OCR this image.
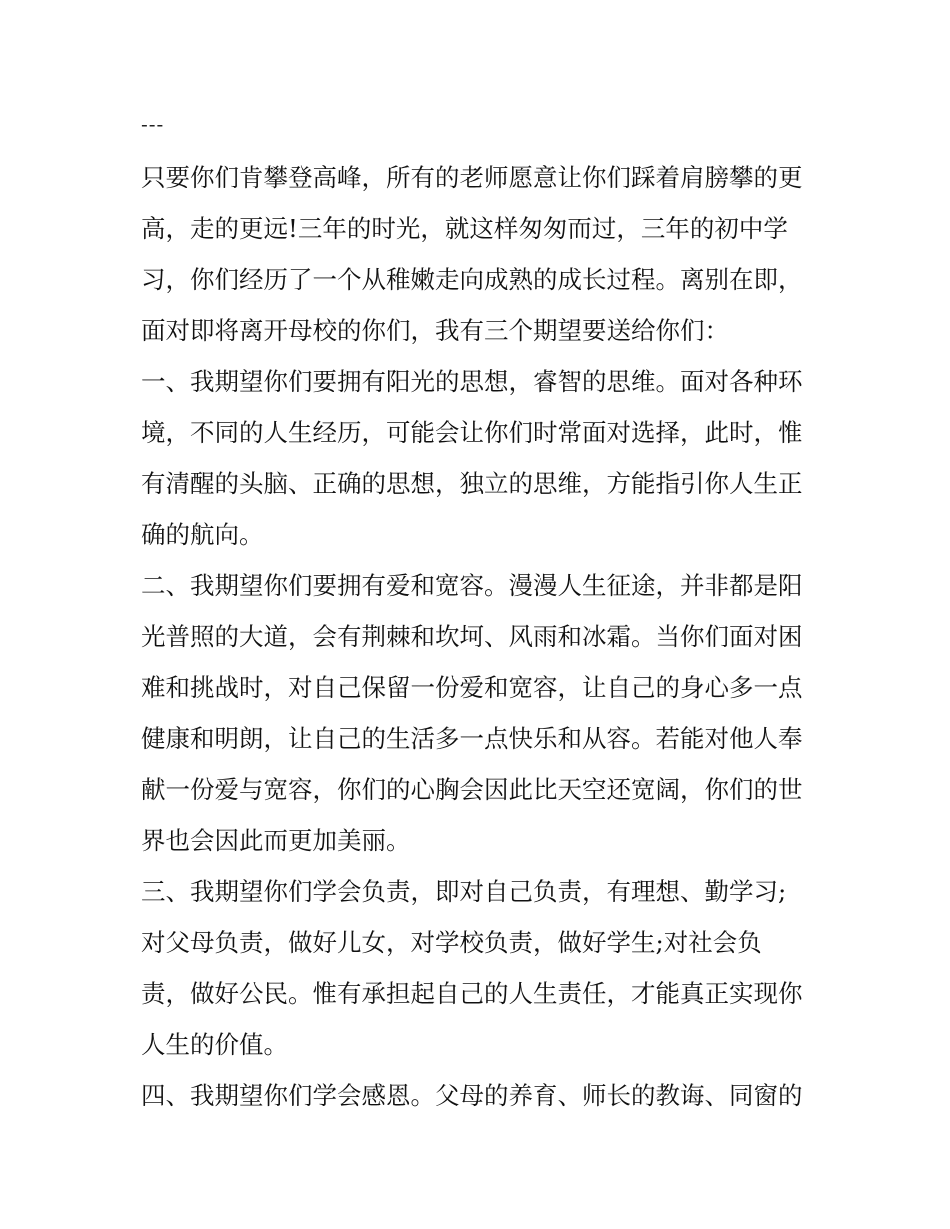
---
只要你们肯攀登高峰，所有的老师愿意让你们踩着肩膀攀的更
高，走的更远!三年的时光，就这样匆匆而过，三年的初中学
习，你们经历了一个从稚嫩走向成熟的成长过程。离别在即，
面对即将离开母校的你们，我有三个期望要送给你们：
一、我期望你们要拥有阳光的思想，睿智的思维。面对各种环
境，不同的人生经历，可能会让你们时常面对选择，此时，惟
有清醒的头脑、正确的思想，独立的思维，方能指引你人生正
确的航向。
二、我期望你们要拥有爱和宽容。漫漫人生征途，并非都是阳
光普照的大道，会有荆棘和坎坷、风雨和冰霜。当你们面对困
难和挑战时，对自己保留一份爱和宽容，让自己的身心多一点
健康和明朗，让自己的生活多一点快乐和从容。若能对他人奉
献一份爱与宽容，你们的心胸会因此比天空还宽阔，你们的世
界也会因此而更加美丽。
三、我期望你们学会负责，即对自己负责，有理想、勤学习;
对父母负责，做好儿女，对学校负责，做好学生;对社会负
责，做好公民。惟有承担起自己的人生责任，才能真正实现你
人生的价值。
四、我期望你们学会感恩。父母的养育、师长的教诲、同窗的
